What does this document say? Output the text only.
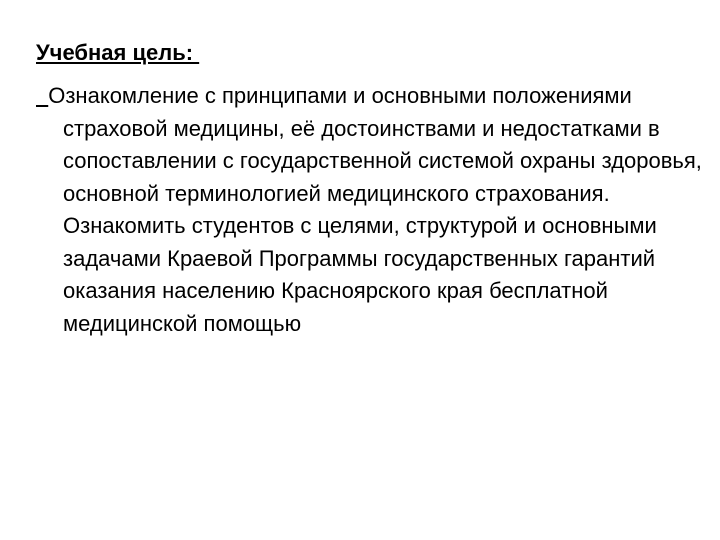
Учебная цель:
Ознакомление с принципами и основными положениями страховой медицины, её достоинствами и недостатками в сопоставлении с государственной системой охраны здоровья, основной терминологией медицинского страхования. Ознакомить студентов с целями, структурой и основными задачами Краевой Программы государственных гарантий оказания населению Красноярского края бесплатной медицинской помощью
